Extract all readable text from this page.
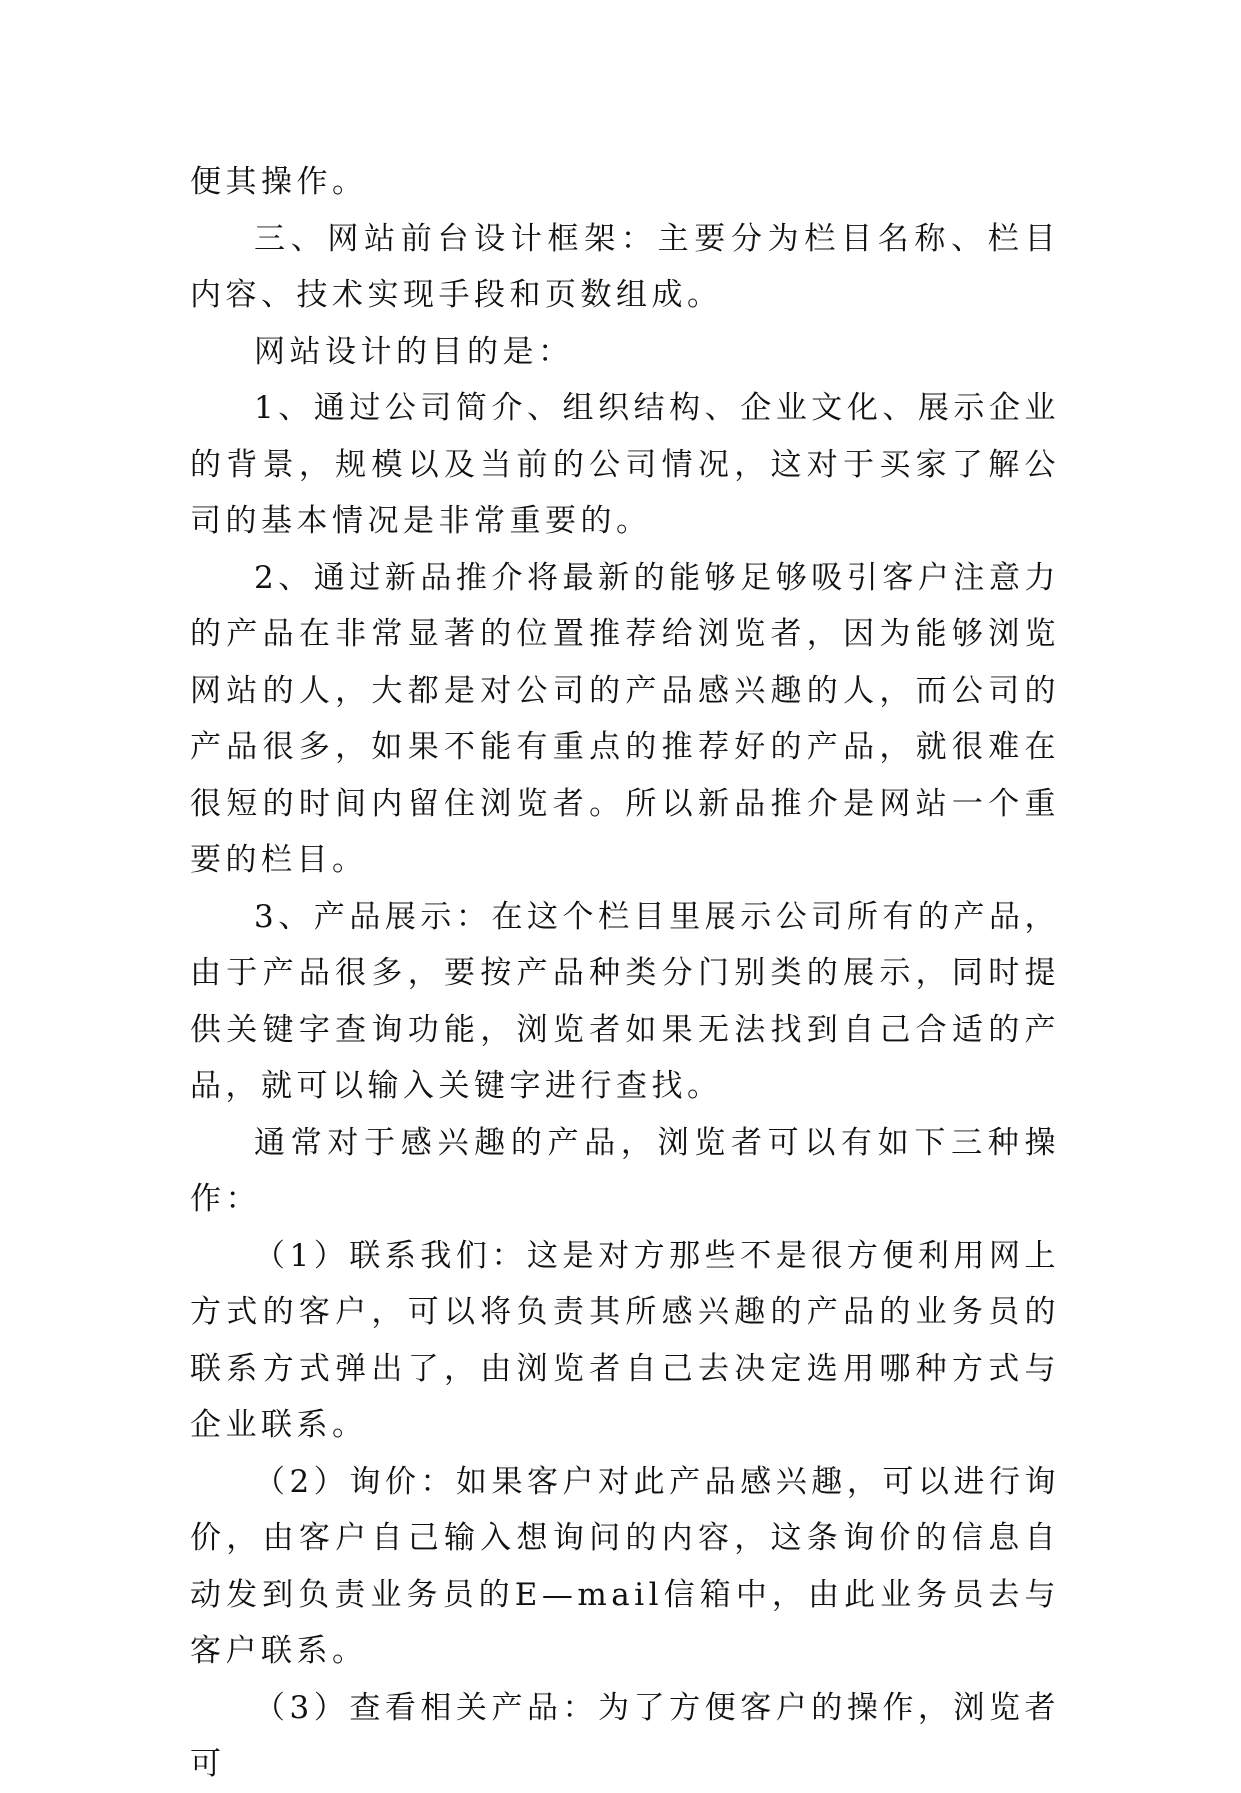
便其操作。

三、网站前台设计框架：主要分为栏目名称、栏目内容、技术实现手段和页数组成。

网站设计的目的是：

1、通过公司简介、组织结构、企业文化、展示企业的背景，规模以及当前的公司情况，这对于买家了解公司的基本情况是非常重要的。

2、通过新品推介将最新的能够足够吸引客户注意力的产品在非常显著的位置推荐给浏览者，因为能够浏览网站的人，大都是对公司的产品感兴趣的人，而公司的产品很多，如果不能有重点的推荐好的产品，就很难在很短的时间内留住浏览者。所以新品推介是网站一个重要的栏目。

3、产品展示：在这个栏目里展示公司所有的产品，由于产品很多，要按产品种类分门别类的展示，同时提供关键字查询功能，浏览者如果无法找到自己合适的产品，就可以输入关键字进行查找。

通常对于感兴趣的产品，浏览者可以有如下三种操作：

（1）联系我们：这是对方那些不是很方便利用网上方式的客户，可以将负责其所感兴趣的产品的业务员的联系方式弹出了，由浏览者自己去决定选用哪种方式与企业联系。

（2）询价：如果客户对此产品感兴趣，可以进行询价，由客户自己输入想询问的内容，这条询价的信息自动发到负责业务员的E—mail信箱中，由此业务员去与客户联系。

（3）查看相关产品：为了方便客户的操作，浏览者可
